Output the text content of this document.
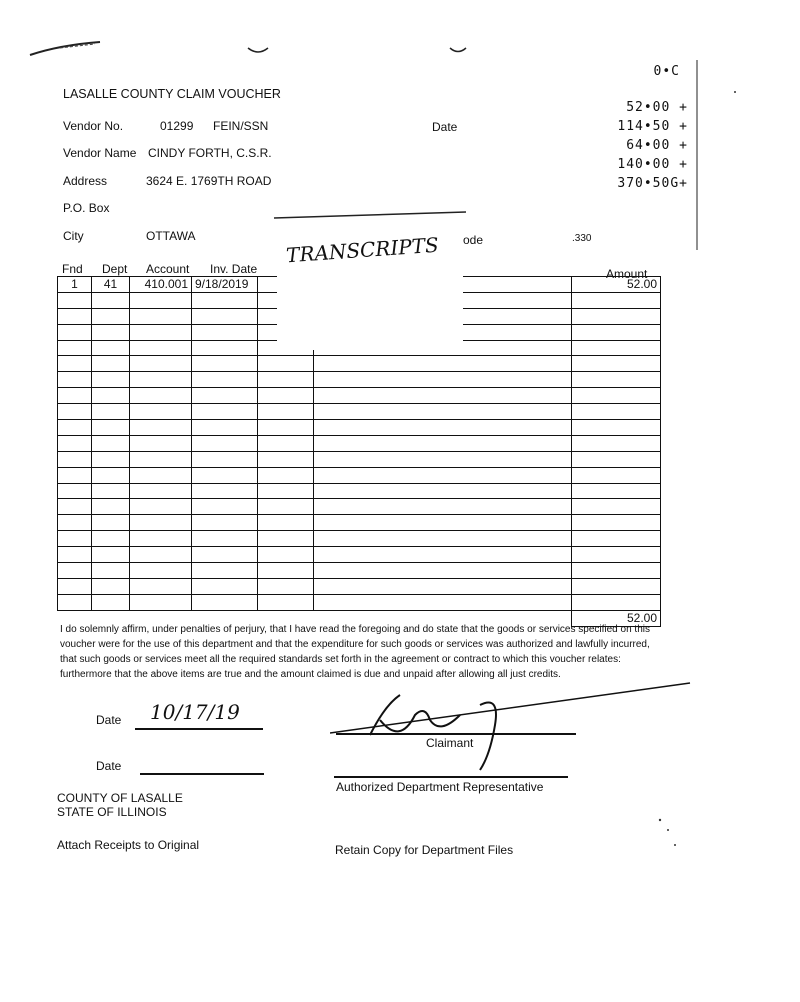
LASALLE COUNTY CLAIM VOUCHER
Vendor No.	01299 FEIN/SSN	Date
Vendor Name CINDY FORTH, C.S.R.
Address	3624 E. 1769TH ROAD
P.O. Box
City	OTTAWA	ode	.330
0•C
52•00 +
114•50 +
64•00 +
140•00 +
370•50G+
Fnd Dept Account Inv. Date	Amount
1	41	410.001	9/18/2019			52.00

						52.00
TRANSCRIPTS
I do solemnly affirm, under penalties of perjury, that I have read the foregoing and do state that the goods or services specified on this voucher were for the use of this department and that the expenditure for such goods or services was authorized and lawfully incurred, that such goods or services meet all the required standards set forth in the agreement or contract to which this voucher relates: furthermore that the above items are true and the amount claimed is due and unpaid after allowing all just credits.
Date 10/17/19
Claimant
Date
Authorized Department Representative
COUNTY OF LASALLE
STATE OF ILLINOIS
Attach Receipts to Original	Retain Copy for Department Files
